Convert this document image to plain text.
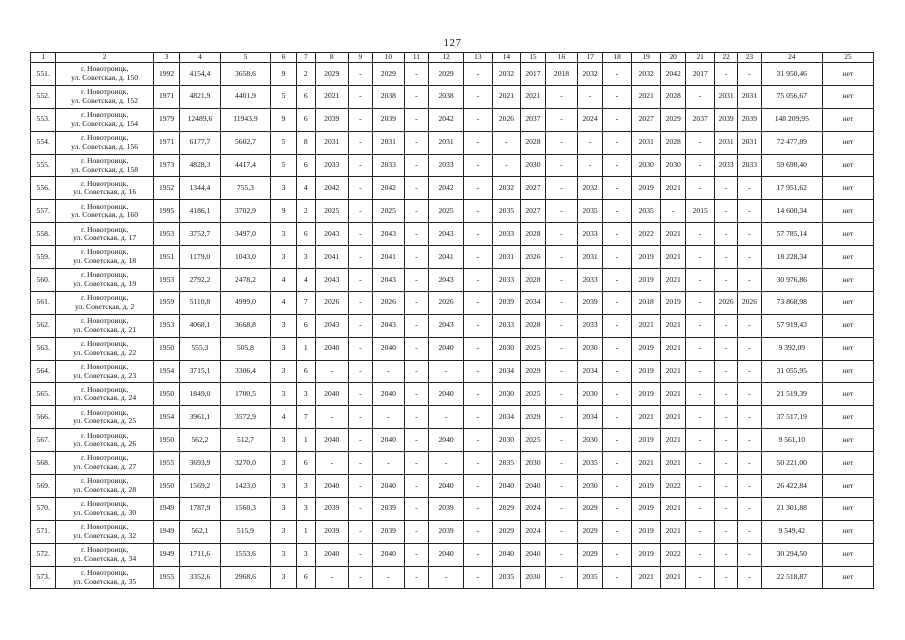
127
1	2	3	4	5	6	7	8	9	10	11	12	13	14	15	16	17	18	19	20	21	22	23	24	25
551.	г. Новотроицк,
ул. Советская, д. 150	1992	4154,4	3658,6	9	2	2029	-	2029	-	2029	-	2032	2017	2018	2032	-	2032	2042	2017	-	-	31 950,46	нет
552.	г. Новотроицк,
ул. Советская, д. 152	1971	4821,9	4401,9	5	6	2021	-	2038	-	2038	-	2021	2021	-	-	-	2021	2028	-	2031	2031	75 056,67	нет
553.	г. Новотроицк,
ул. Советская, д. 154	1979	12489,6	11943,9	9	6	2039	-	2039	-	2042	-	2026	2037	-	2024	-	2027	2029	2037	2039	2039	148 209,95	нет
554.	г. Новотроицк,
ул. Советская, д. 156	1971	6177,7	5602,7	5	8	2031	-	2031	-	2031	-	-	2028	-	-	-	2031	2028	-	2031	2031	72 477,89	нет
555.	г. Новотроицк,
ул. Советская, д. 158	1973	4828,3	4417,4	5	6	2033	-	2033	-	2033	-	-	2030	-	-	-	2030	2030	-	2033	2033	59 690,40	нет
556.	г. Новотроицк,
ул. Советская, д. 16	1952	1344,4	755,3	3	4	2042	-	2042	-	2042	-	2032	2027	-	2032	-	2019	2021	-	-	-	17 951,62	нет
557.	г. Новотроицк,
ул. Советская, д. 160	1995	4186,1	3702,9	9	2	2025	-	2025	-	2025	-	2035	2027	-	2035	-	2035	-	2015	-	-	14 600,34	нет
558.	г. Новотроицк,
ул. Советская, д. 17	1953	3752,7	3497,0	3	6	2043	-	2043	-	2043	-	2033	2028	-	2033	-	2022	2021	-	-	-	57 785,14	нет
559.	г. Новотроицк,
ул. Советская, д. 18	1951	1179,0	1043,0	3	3	2041	-	2041	-	2041	-	2031	2026	-	2031	-	2019	2021	-	-	-	18 228,34	нет
560.	г. Новотроицк,
ул. Советская, д. 19	1953	2792,2	2478,2	4	4	2043	-	2043	-	2043	-	2033	2028	-	2033	-	2019	2021	-	-	-	30 976,86	нет
561.	г. Новотроицк,
ул. Советская, д. 2	1959	5110,8	4999,0	4	7	2026	-	2026	-	2026	-	2039	2034	-	2039	-	2018	2019	-	2026	2026	73 868,98	нет
562.	г. Новотроицк,
ул. Советская, д. 21	1953	4068,1	3668,8	3	6	2043	-	2043	-	2043	-	2033	2028	-	2033	-	2021	2021	-	-	-	57 919,43	нет
563.	г. Новотроицк,
ул. Советская, д. 22	1950	555,3	505,8	3	1	2040	-	2040	-	2040	-	2030	2025	-	2030	-	2019	2021	-	-	-	9 392,09	нет
564.	г. Новотроицк,
ул. Советская, д. 23	1954	3715,1	3306,4	3	6	-	-	-	-	-	-	2034	2029	-	2034	-	2019	2021	-	-	-	31 055,95	нет
565.	г. Новотроицк,
ул. Советская, д. 24	1950	1849,0	1700,5	3	3	2040	-	2040	-	2040	-	2030	2025	-	2030	-	2019	2021	-	-	-	21 519,39	нет
566.	г. Новотроицк,
ул. Советская, д. 25	1954	3961,1	3572,9	4	7	-	-	-	-	-	-	2034	2029	-	2034	-	2021	2021	-	-	-	37 517,19	нет
567.	г. Новотроицк,
ул. Советская, д. 26	1950	562,2	512,7	3	1	2040	-	2040	-	2040	-	2030	2025	-	2030	-	2019	2021	-	-	-	9 561,10	нет
568.	г. Новотроицк,
ул. Советская, д. 27	1955	3693,9	3270,0	3	6	-	-	-	-	-	-	2035	2030	-	2035	-	2021	2021	-	-	-	50 221,00	нет
569.	г. Новотроицк,
ул. Советская, д. 28	1950	1569,2	1423,0	3	3	2040	-	2040	-	2040	-	2040	2040	-	2030	-	2019	2022	-	-	-	26 422,84	нет
570.	г. Новотроицк,
ул. Советская, д. 30	1949	1787,9	1560,3	3	3	2039	-	2039	-	2039	-	2029	2024	-	2029	-	2019	2021	-	-	-	21 301,88	нет
571.	г. Новотроицк,
ул. Советская, д. 32	1949	562,1	515,9	3	1	2039	-	2039	-	2039	-	2029	2024	-	2029	-	2019	2021	-	-	-	9 549,42	нет
572.	г. Новотроицк,
ул. Советская, д. 34	1949	1711,6	1553,6	3	3	2040	-	2040	-	2040	-	2040	2040	-	2029	-	2019	2022	-	-	-	30 294,50	нет
573.	г. Новотроицк,
ул. Советская, д. 35	1955	3352,6	2968,6	3	6	-	-	-	-	-	-	2035	2030	-	2035	-	2021	2021	-	-	-	22 518,87	нет
